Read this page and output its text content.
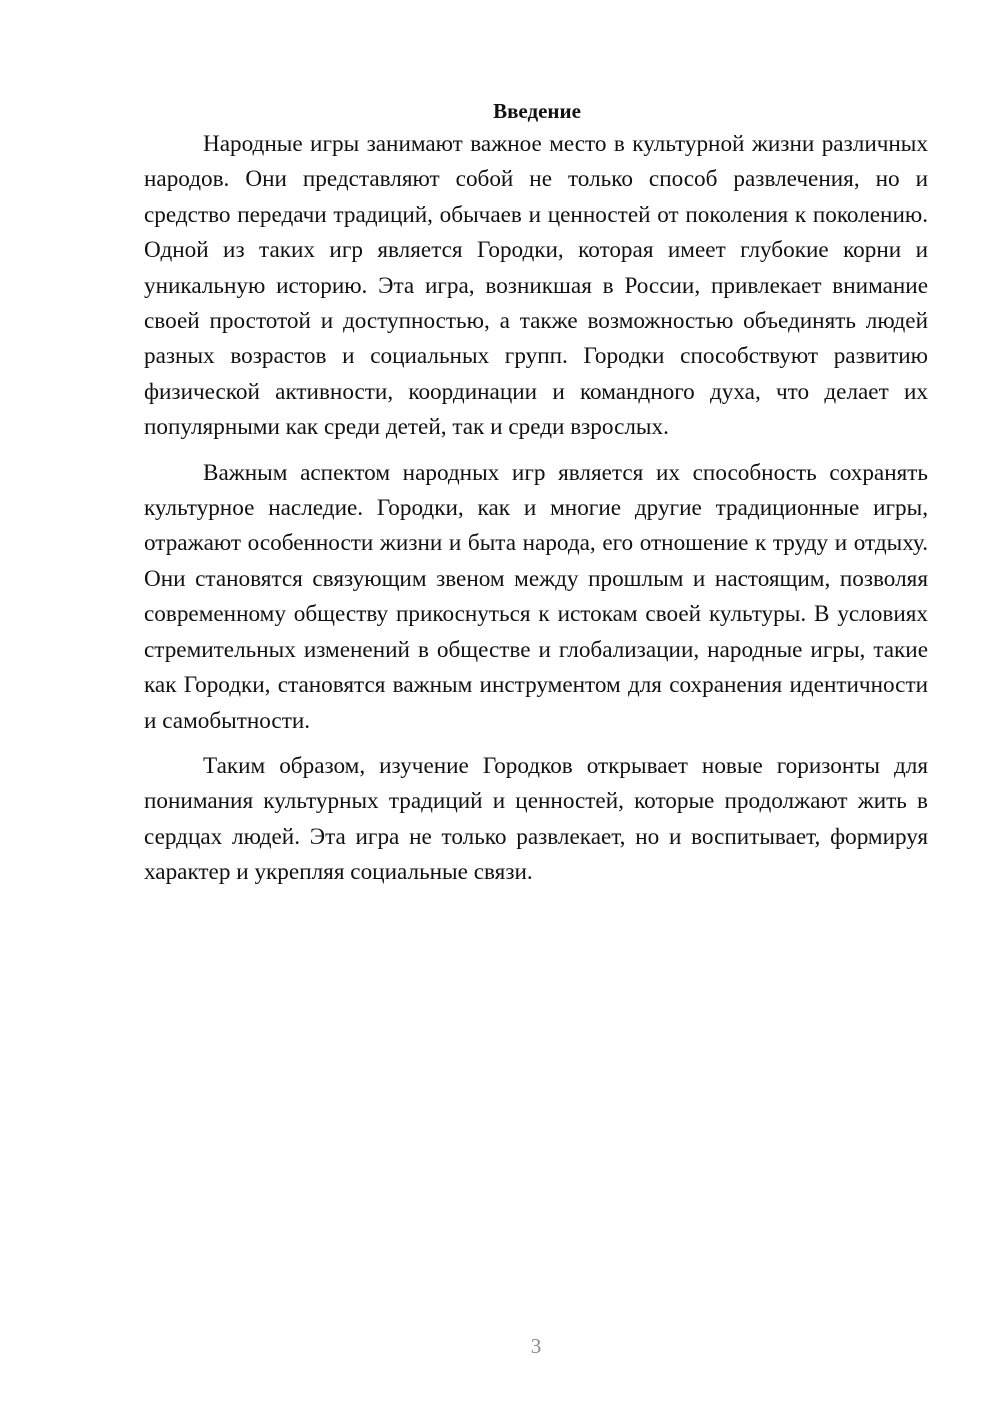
Введение

Народные игры занимают важное место в культурной жизни различных народов. Они представляют собой не только способ развлечения, но и средство передачи традиций, обычаев и ценностей от поколения к поколению. Одной из таких игр является Городки, которая имеет глубокие корни и уникальную историю. Эта игра, возникшая в России, привлекает внимание своей простотой и доступностью, а также возможностью объединять людей разных возрастов и социальных групп. Городки способствуют развитию физической активности, координации и командного духа, что делает их популярными как среди детей, так и среди взрослых.

Важным аспектом народных игр является их способность сохранять культурное наследие. Городки, как и многие другие традиционные игры, отражают особенности жизни и быта народа, его отношение к труду и отдыху. Они становятся связующим звеном между прошлым и настоящим, позволяя современному обществу прикоснуться к истокам своей культуры. В условиях стремительных изменений в обществе и глобализации, народные игры, такие как Городки, становятся важным инструментом для сохранения идентичности и самобытности.

Таким образом, изучение Городков открывает новые горизонты для понимания культурных традиций и ценностей, которые продолжают жить в сердцах людей. Эта игра не только развлекает, но и воспитывает, формируя характер и укрепляя социальные связи.

3
